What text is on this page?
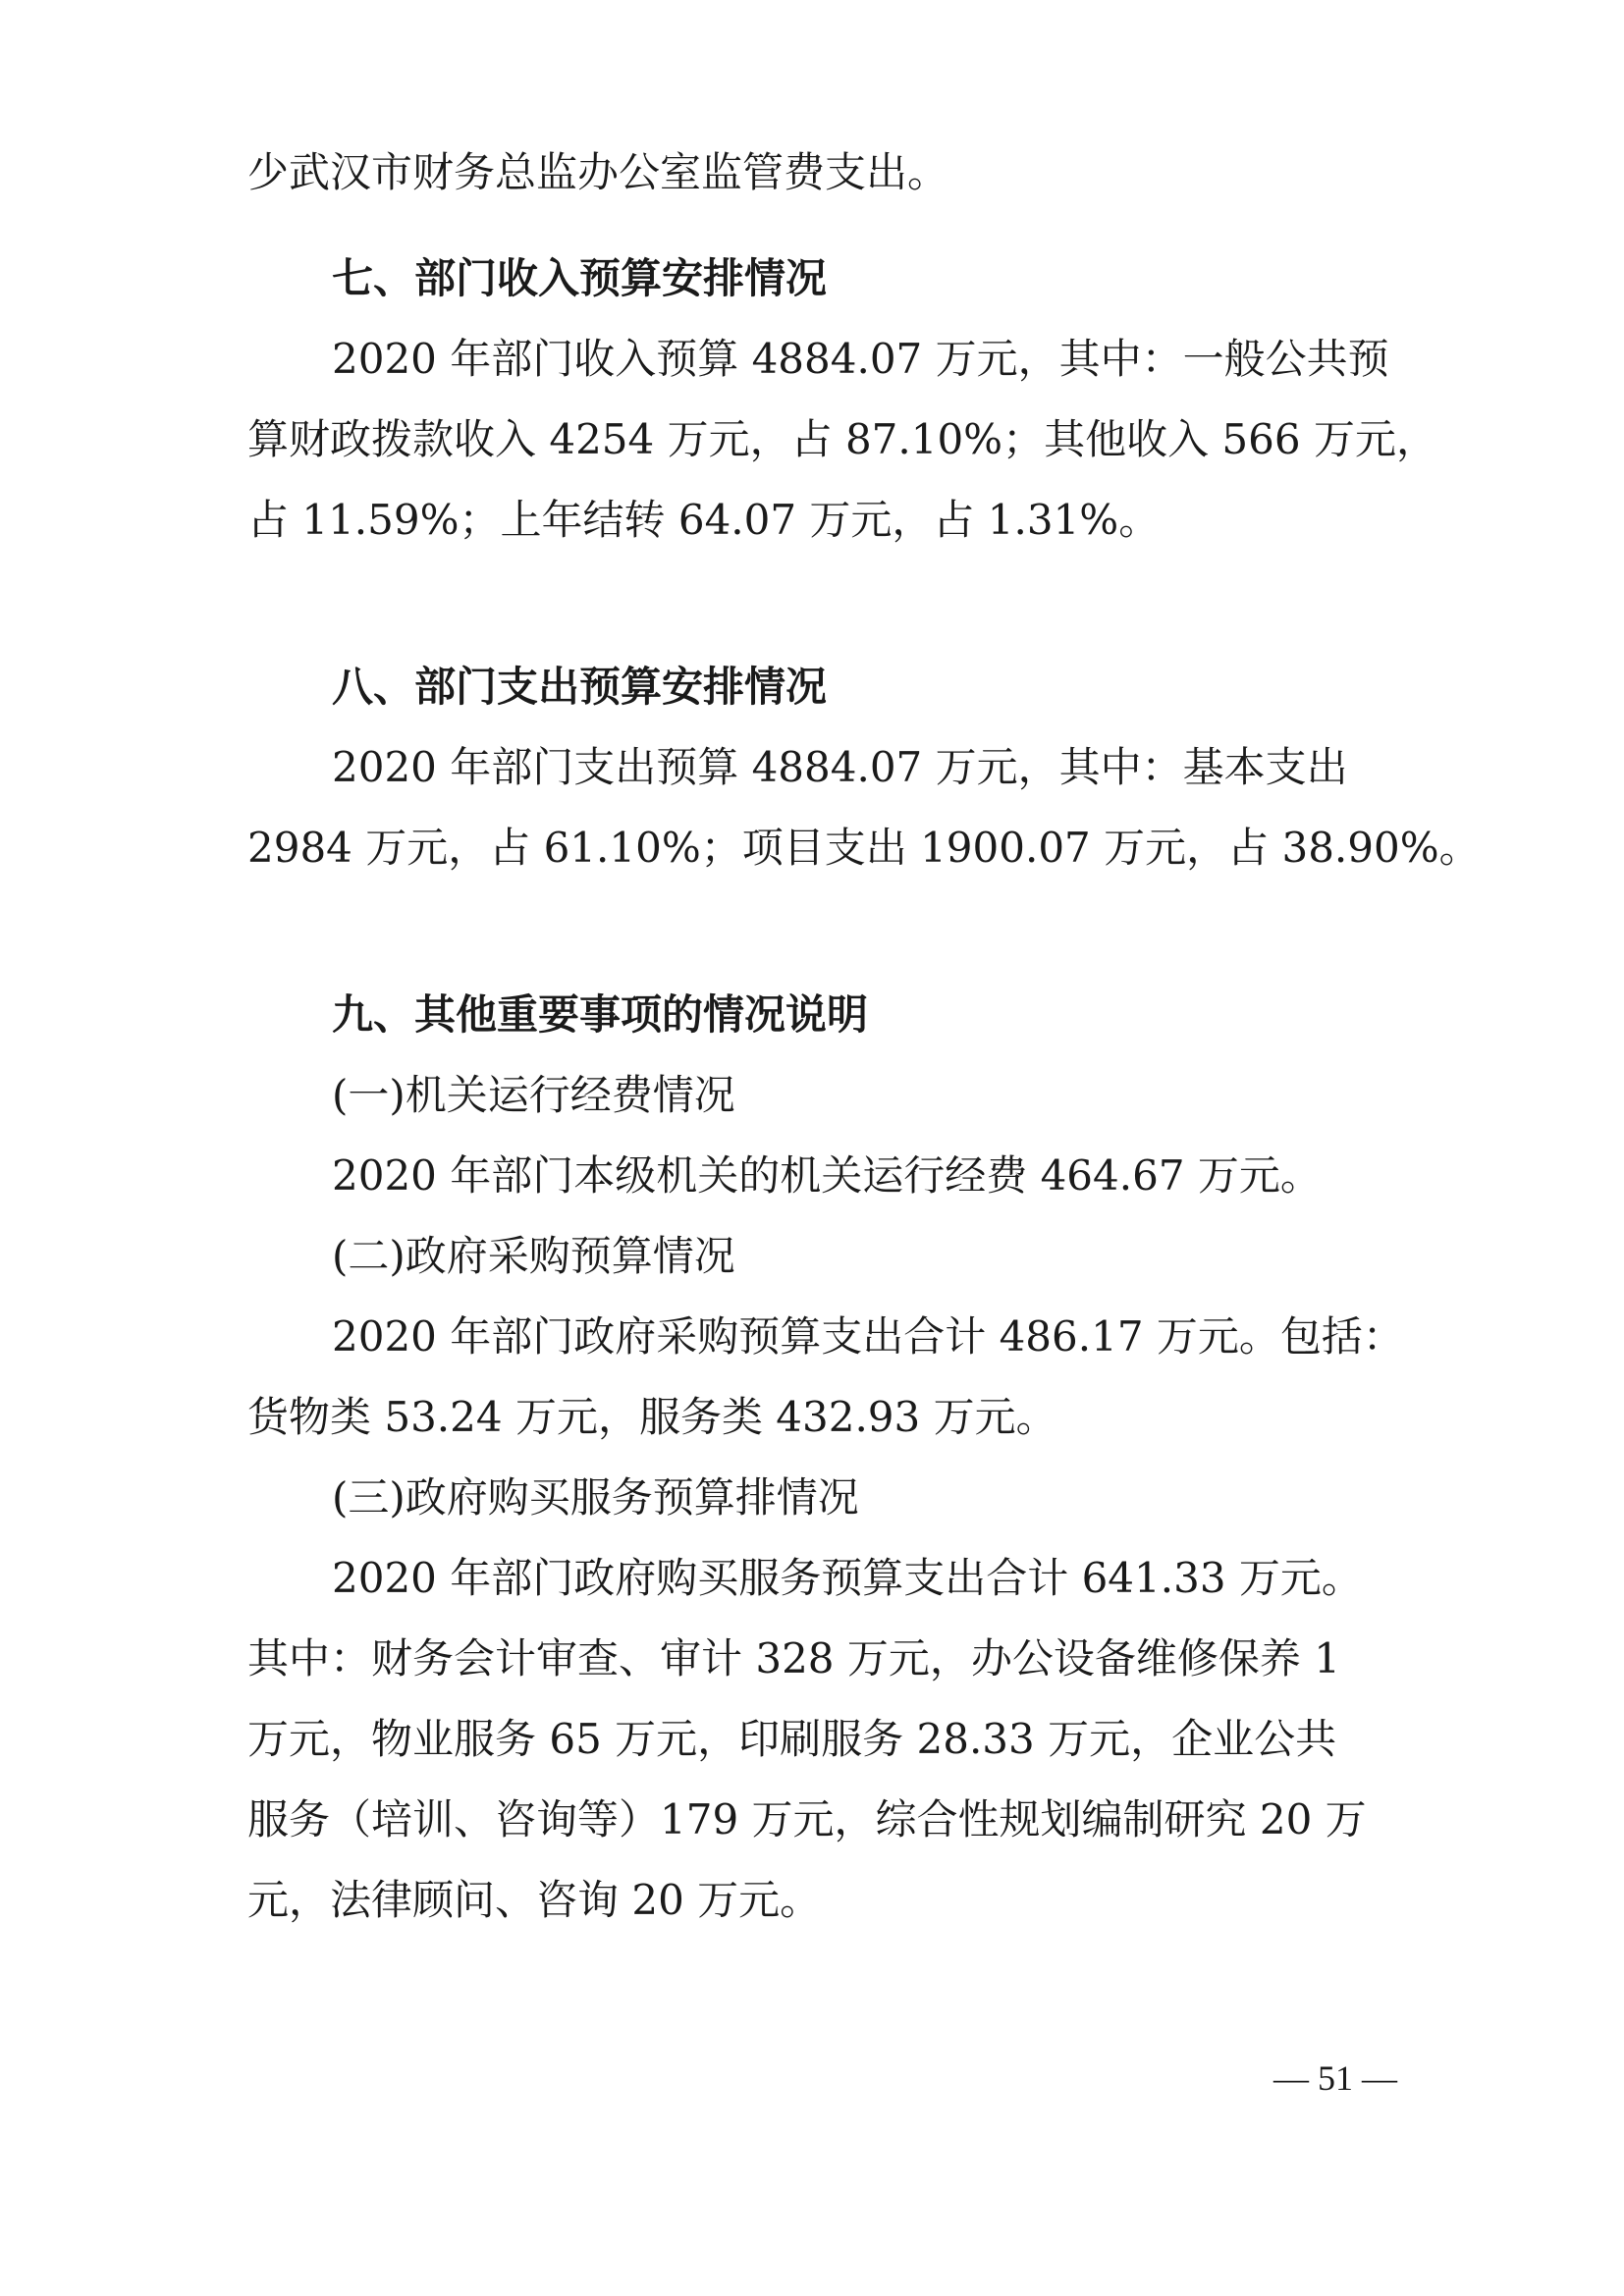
少武汉市财务总监办公室监管费支出。

七、部门收入预算安排情况

2020 年部门收入预算 4884.07 万元，其中：一般公共预

算财政拨款收入 4254 万元，占 87.10%；其他收入 566 万元，

占 11.59%；上年结转 64.07 万元，占 1.31%。

八、部门支出预算安排情况

2020 年部门支出预算 4884.07 万元，其中：基本支出

2984 万元，占 61.10%；项目支出 1900.07 万元，占 38.90%。

九、其他重要事项的情况说明

(一)机关运行经费情况

2020 年部门本级机关的机关运行经费 464.67 万元。

(二)政府采购预算情况

2020 年部门政府采购预算支出合计 486.17 万元。包括：

货物类 53.24 万元，服务类 432.93 万元。

(三)政府购买服务预算排情况

2020 年部门政府购买服务预算支出合计 641.33 万元。

其中：财务会计审查、审计 328 万元，办公设备维修保养 1

万元，物业服务 65 万元，印刷服务 28.33 万元，企业公共

服务（培训、咨询等）179 万元，综合性规划编制研究 20 万

元，法律顾问、咨询 20 万元。

— 51 —
